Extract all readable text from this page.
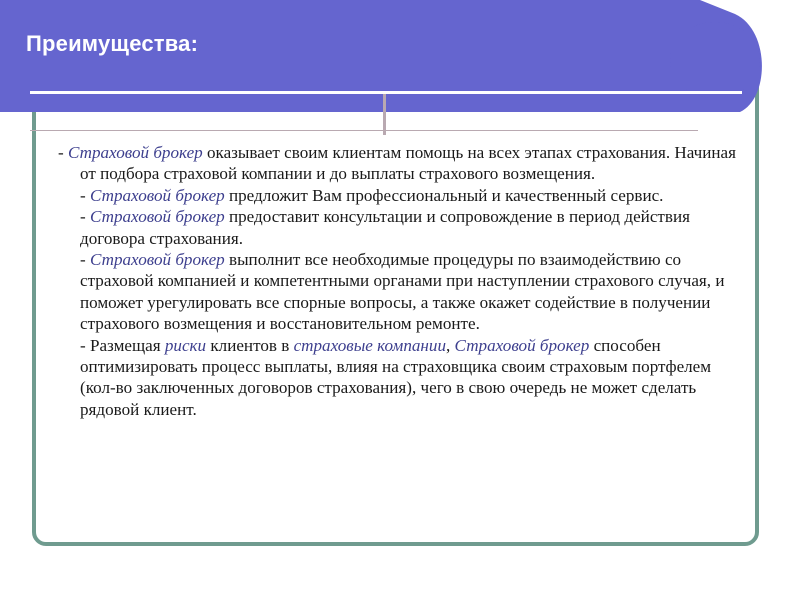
Преимущества:

- Страховой брокер оказывает своим клиентам помощь на всех этапах страхования. Начиная от подбора страховой компании и до выплаты страхового возмещения.

- Страховой брокер предложит Вам профессиональный и качественный сервис.

- Страховой брокер предоставит консультации и сопровождение в период действия договора страхования.

- Страховой брокер выполнит все необходимые процедуры по взаимодействию со страховой компанией и компетентными органами при наступлении страхового случая, и поможет урегулировать все спорные вопросы, а также окажет содействие в получении страхового возмещения и восстановительном ремонте.

- Размещая риски клиентов в страховые компании, Страховой брокер способен оптимизировать процесс выплаты, влияя на страховщика своим страховым портфелем (кол-во заключенных договоров страхования), чего в свою очередь не может сделать рядовой клиент.
